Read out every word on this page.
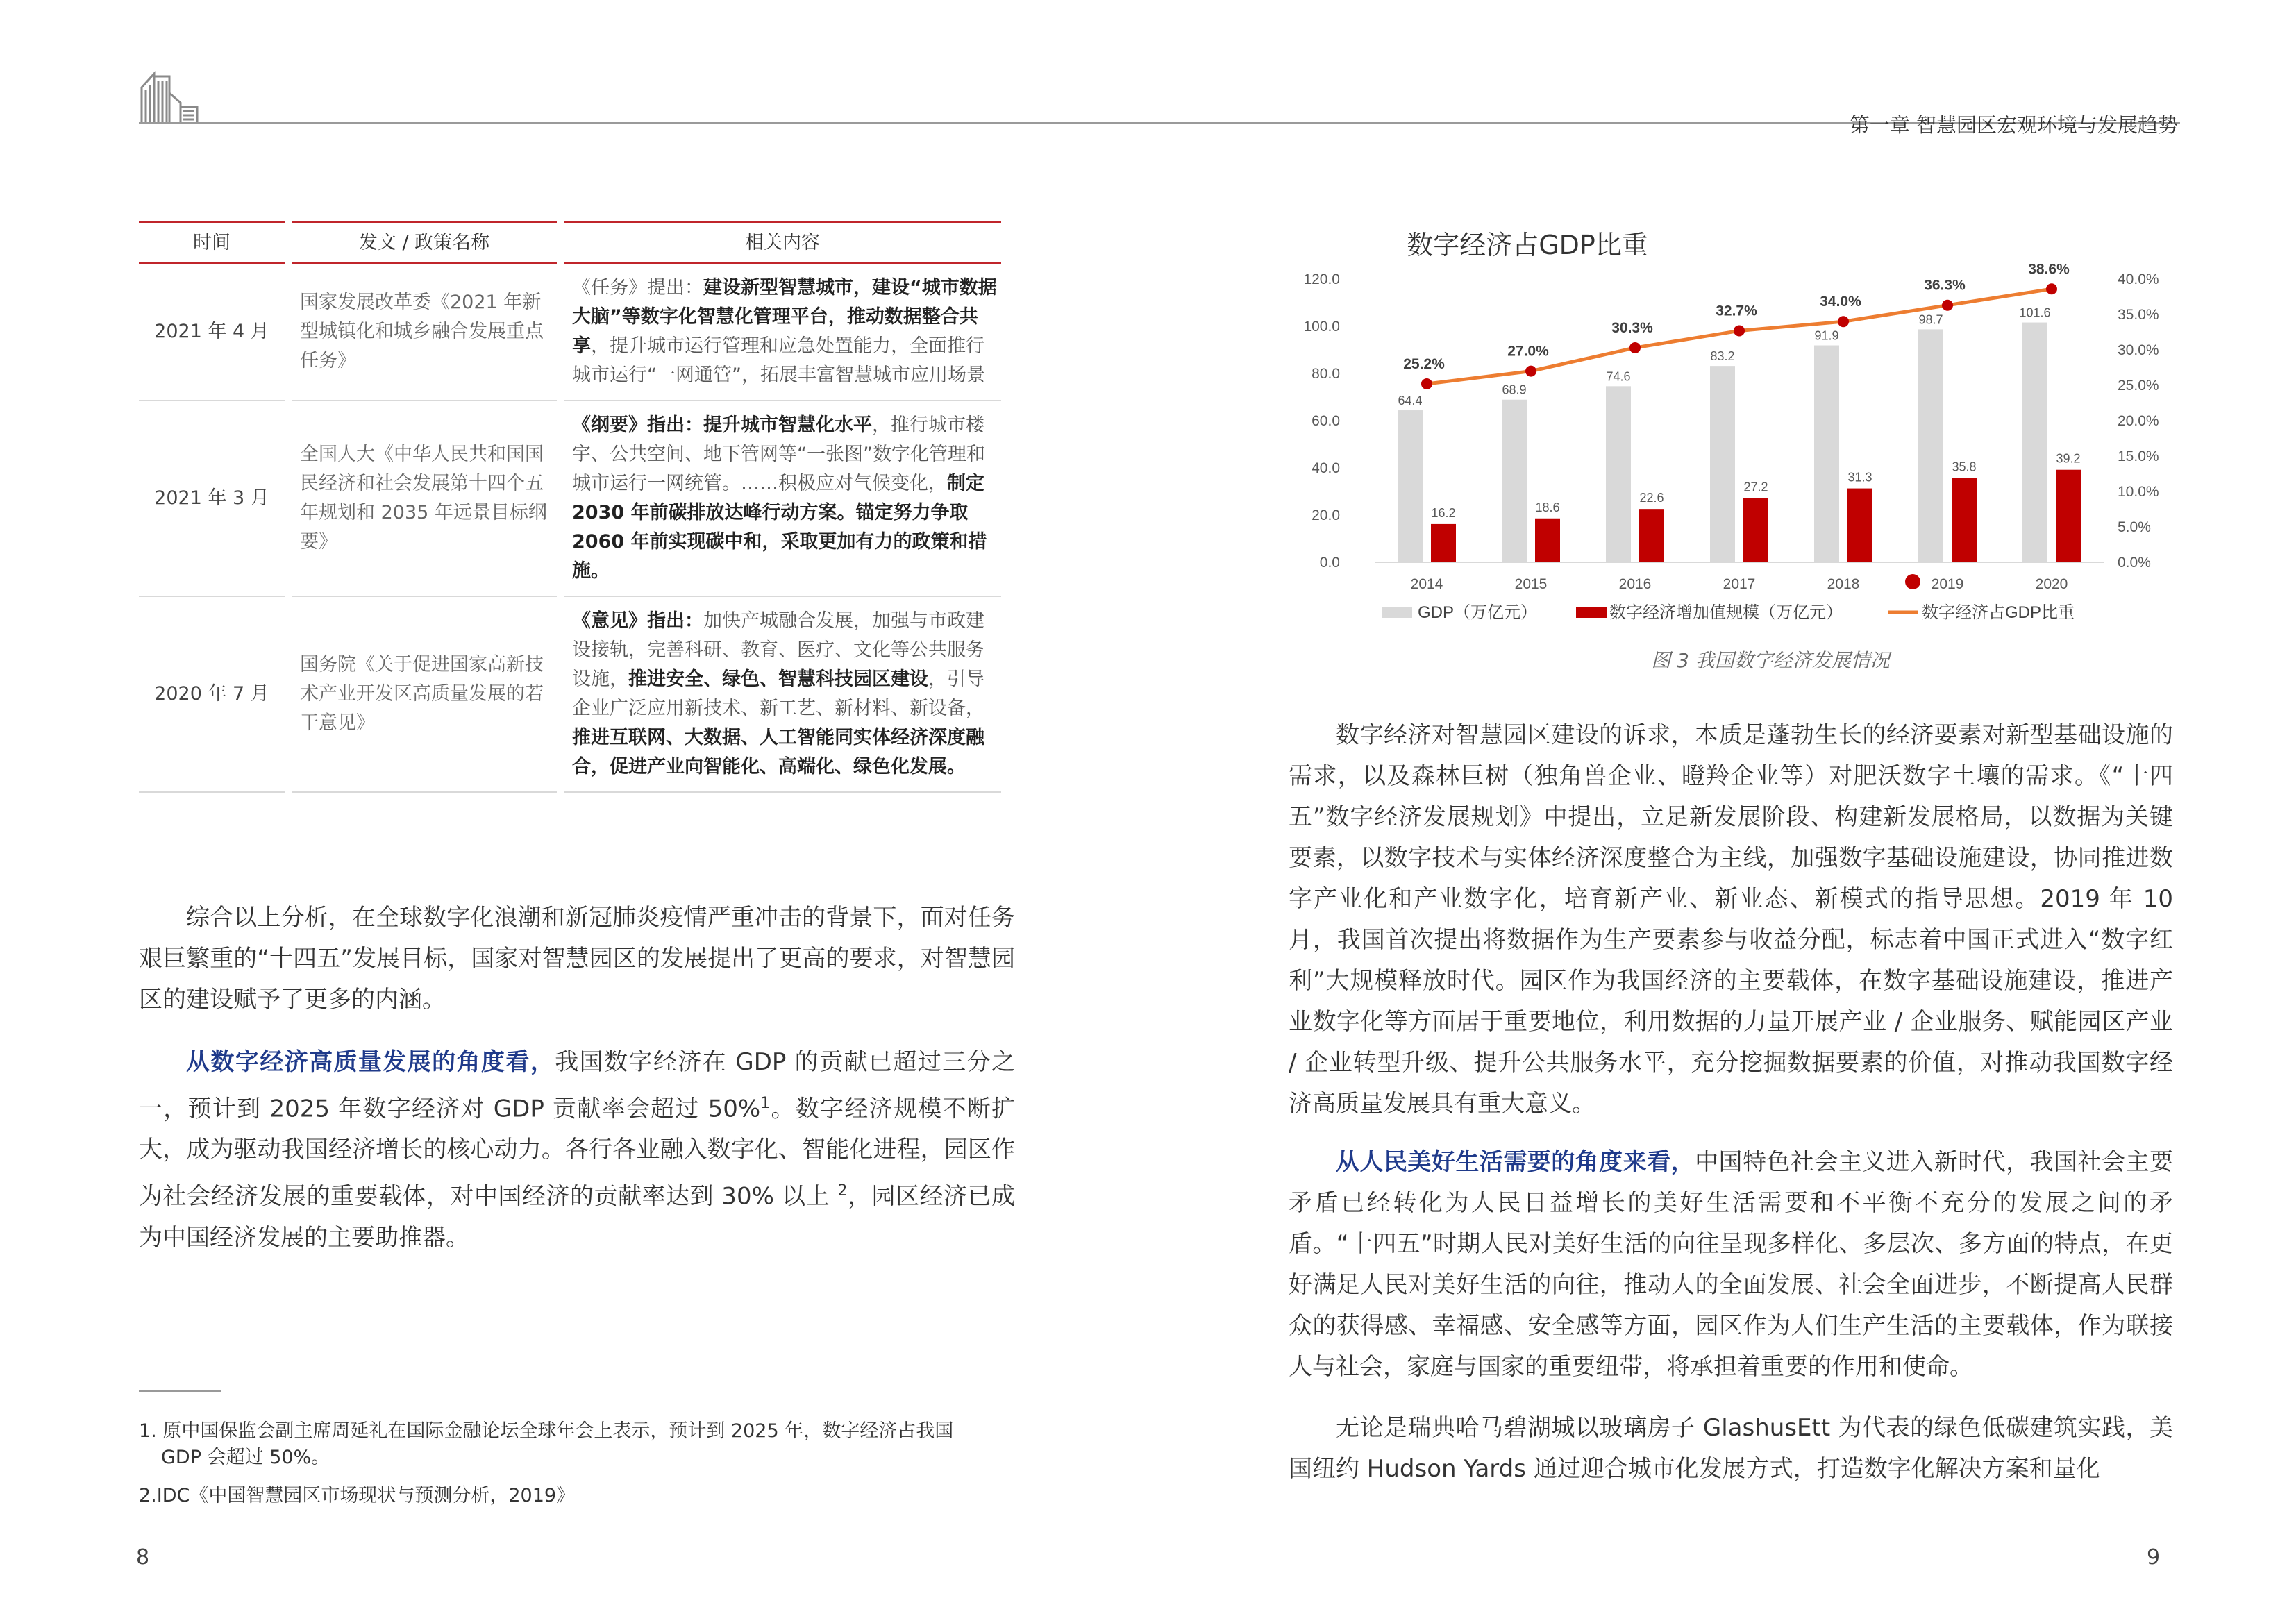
第一章 智慧园区宏观环境与发展趋势
时间	发文 / 政策名称	相关内容
2021 年 4 月	国家发展改革委《2021 年新型城镇化和城乡融合发展重点任务》	《任务》提出：建设新型智慧城市，建设“城市数据大脑”等数字化智慧化管理平台，推动数据整合共享，提升城市运行管理和应急处置能力，全面推行城市运行“一网通管”，拓展丰富智慧城市应用场景
2021 年 3 月	全国人大《中华人民共和国国民经济和社会发展第十四个五年规划和 2035 年远景目标纲要》	《纲要》指出：提升城市智慧化水平，推行城市楼宇、公共空间、地下管网等“一张图”数字化管理和城市运行一网统管。……积极应对气候变化，制定 2030 年前碳排放达峰行动方案。锚定努力争取 2060 年前实现碳中和，采取更加有力的政策和措施。
2020 年 7 月	国务院《关于促进国家高新技术产业开发区高质量发展的若干意见》	《意见》指出：加快产城融合发展，加强与市政建设接轨，完善科研、教育、医疗、文化等公共服务设施，推进安全、绿色、智慧科技园区建设，引导企业广泛应用新技术、新工艺、新材料、新设备，推进互联网、大数据、人工智能同实体经济深度融合，促进产业向智能化、高端化、绿色化发展。
综合以上分析，在全球数字化浪潮和新冠肺炎疫情严重冲击的背景下，面对任务艰巨繁重的“十四五”发展目标，国家对智慧园区的发展提出了更高的要求，对智慧园区的建设赋予了更多的内涵。
从数字经济高质量发展的角度看，我国数字经济在 GDP 的贡献已超过三分之一，预计到 2025 年数字经济对 GDP 贡献率会超过 50%$^1$。数字经济规模不断扩大，成为驱动我国经济增长的核心动力。各行各业融入数字化、智能化进程，园区作为社会经济发展的重要载体，对中国经济的贡献率达到 30% 以上 $^2$，园区经济已成为中国经济发展的主要助推器。
1. 原中国保监会副主席周延礼在国际金融论坛全球年会上表示，预计到 2025 年，数字经济占我国
GDP 会超过 50%。
2.IDC《中国智慧园区市场现状与预测分析，2019》
8	9
数字经济占GDP比重
0.0
20.0
40.0
60.0
80.0
100.0
120.0
0.0%
5.0%
10.0%
15.0%
20.0%
25.0%
30.0%
35.0%
40.0%
64.4
16.2
2014
68.9
18.6
2015
74.6
22.6
2016
83.2
27.2
2017
91.9
31.3
2018
98.7
35.8
2019
101.6
39.2
2020
25.2%
27.0%
30.3%
32.7%
34.0%
36.3%
38.6%
GDP（万亿元）	数字经济增加值规模（万亿元）	数字经济占GDP比重
图 3 我国数字经济发展情况
数字经济对智慧园区建设的诉求，本质是蓬勃生长的经济要素对新型基础设施的需求，以及森林巨树（独角兽企业、瞪羚企业等）对肥沃数字土壤的需求。《“十四五”数字经济发展规划》中提出，立足新发展阶段、构建新发展格局，以数据为关键要素，以数字技术与实体经济深度整合为主线，加强数字基础设施建设，协同推进数字产业化和产业数字化，培育新产业、新业态、新模式的指导思想。2019 年 10 月，我国首次提出将数据作为生产要素参与收益分配，标志着中国正式进入“数字红利”大规模释放时代。园区作为我国经济的主要载体，在数字基础设施建设，推进产业数字化等方面居于重要地位，利用数据的力量开展产业 / 企业服务、赋能园区产业 / 企业转型升级、提升公共服务水平，充分挖掘数据要素的价值，对推动我国数字经济高质量发展具有重大意义。
从人民美好生活需要的角度来看，中国特色社会主义进入新时代，我国社会主要矛盾已经转化为人民日益增长的美好生活需要和不平衡不充分的发展之间的矛盾。“十四五”时期人民对美好生活的向往呈现多样化、多层次、多方面的特点，在更好满足人民对美好生活的向往，推动人的全面发展、社会全面进步，不断提高人民群众的获得感、幸福感、安全感等方面，园区作为人们生产生活的主要载体，作为联接人与社会，家庭与国家的重要纽带，将承担着重要的作用和使命。
无论是瑞典哈马碧湖城以玻璃房子 GlashusEtt 为代表的绿色低碳建筑实践，美国纽约 Hudson Yards 通过迎合城市化发展方式，打造数字化解决方案和量化
